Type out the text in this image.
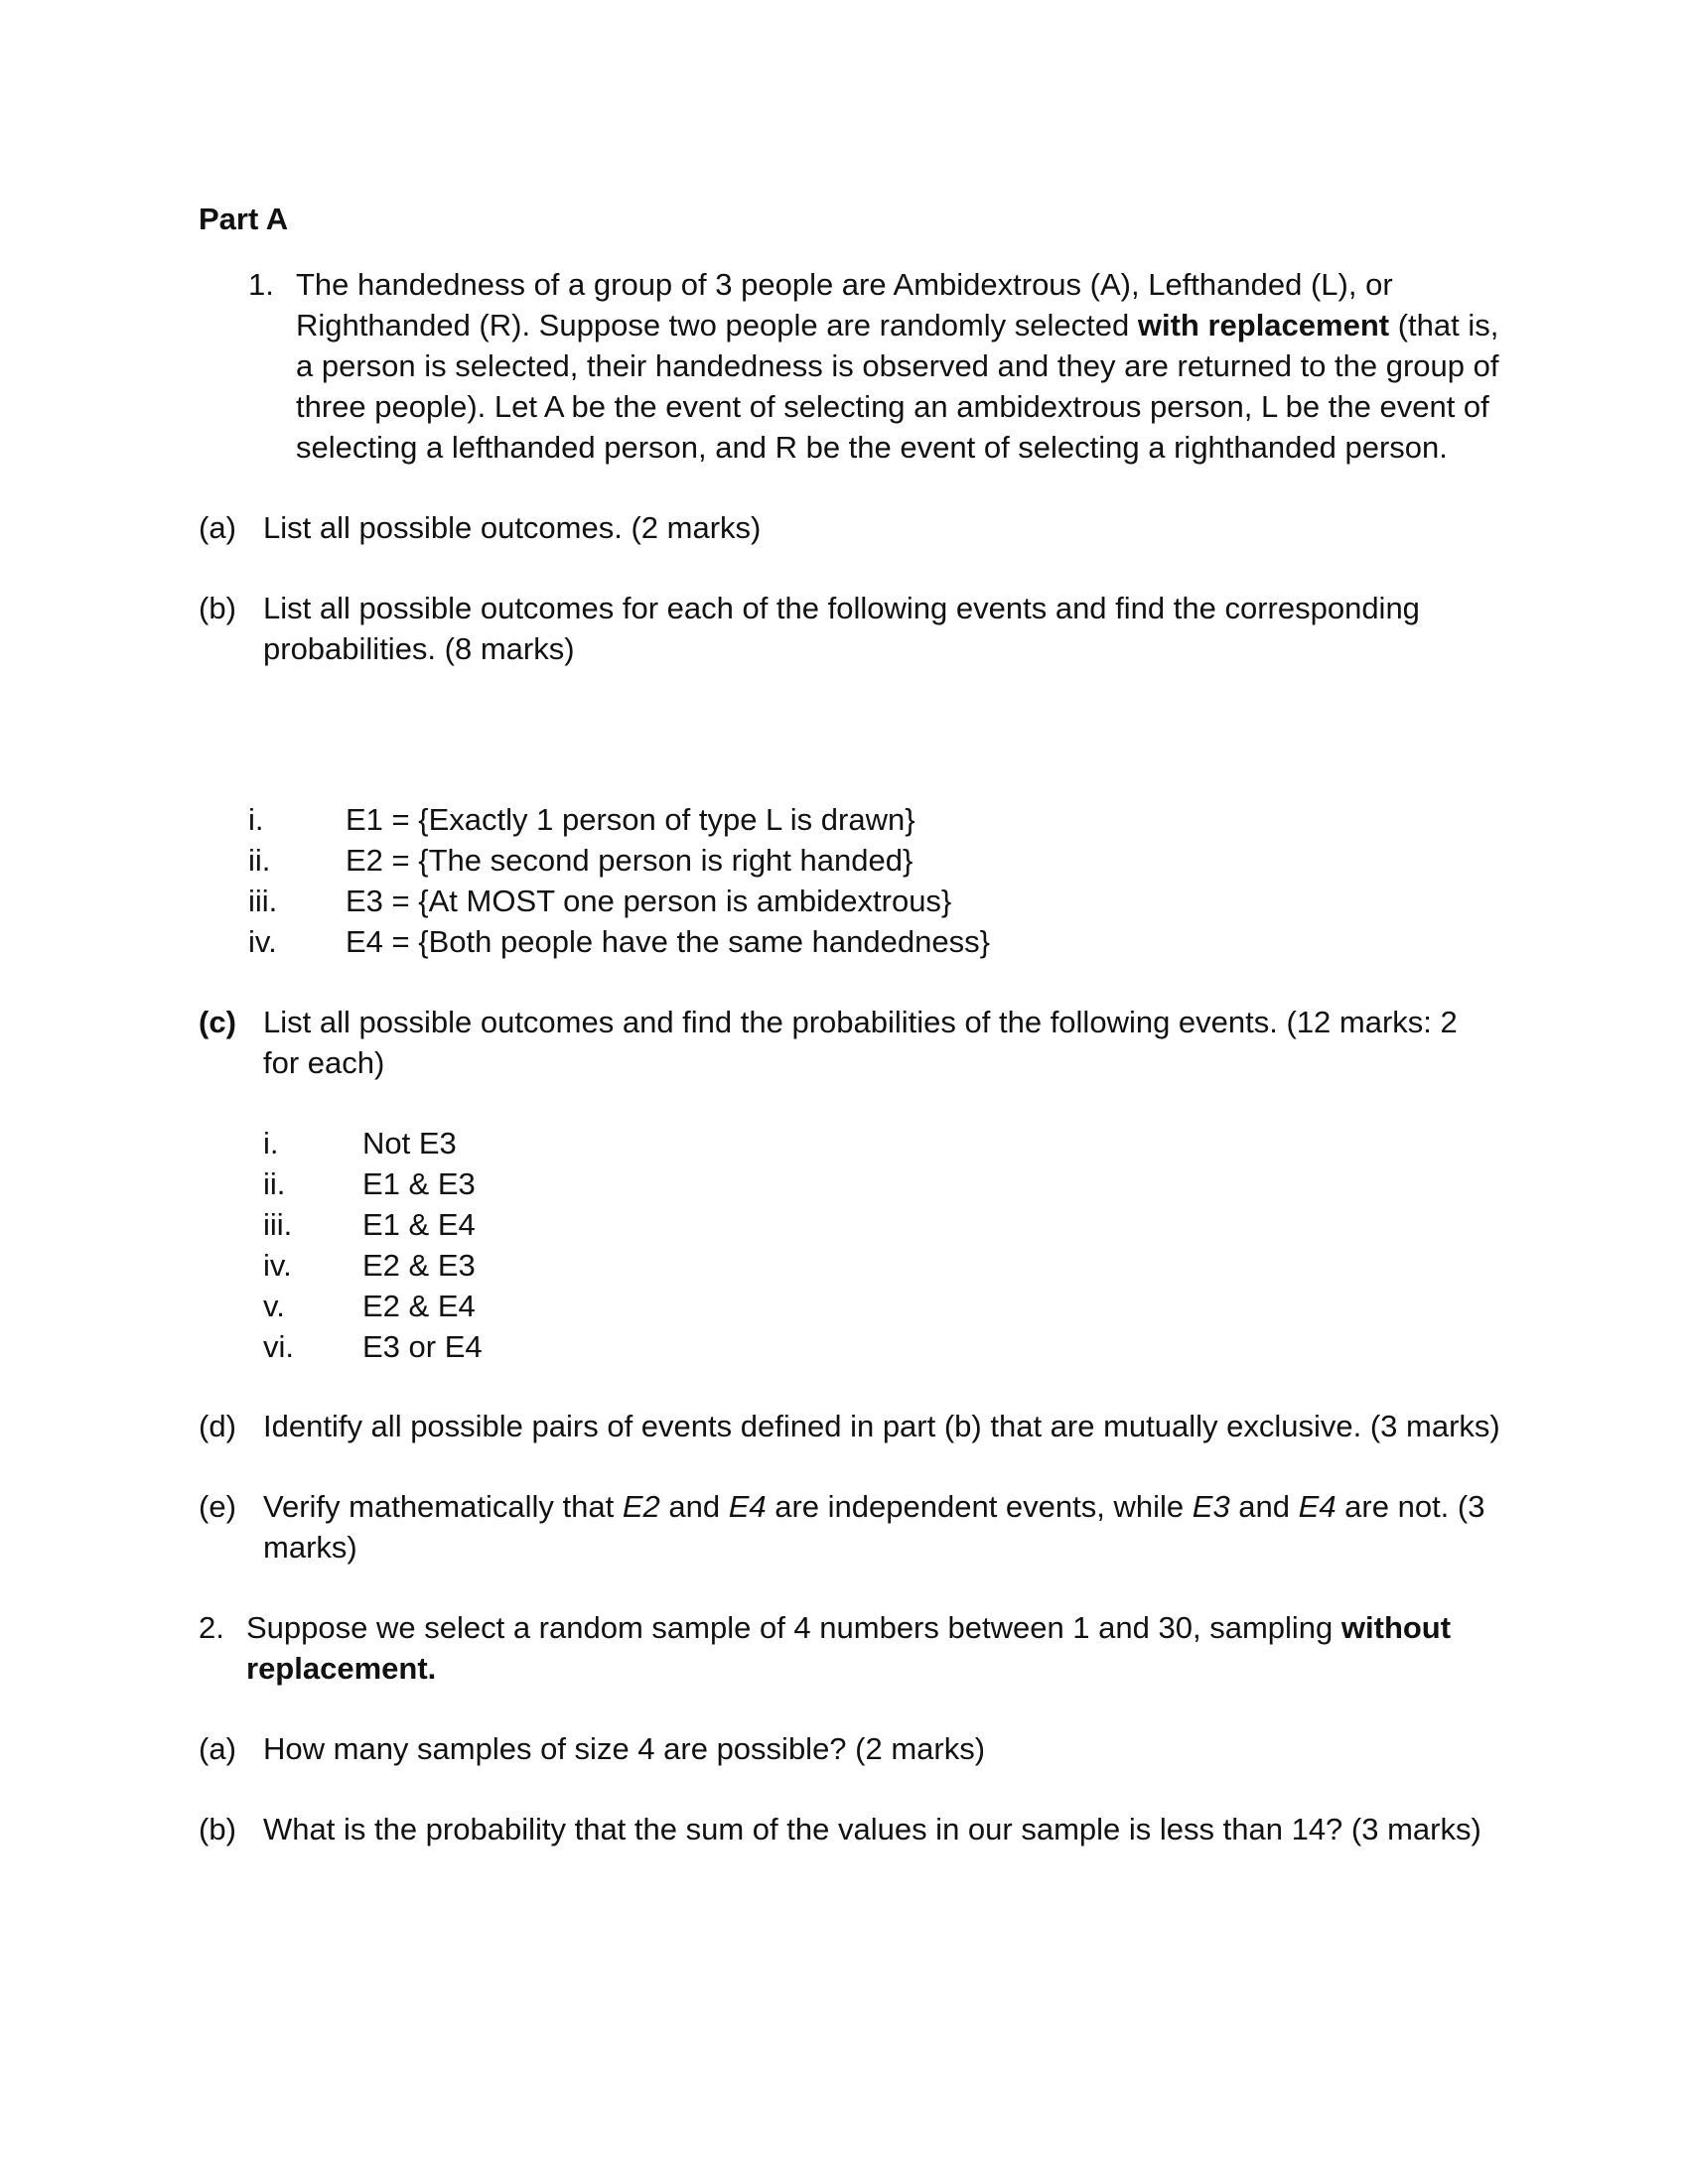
Part A
1. The handedness of a group of 3 people are Ambidextrous (A), Lefthanded (L), or
Righthanded (R). Suppose two people are randomly selected with replacement (that is,
a person is selected, their handedness is observed and they are returned to the group of
three people). Let A be the event of selecting an ambidextrous person, L be the event of
selecting a lefthanded person, and R be the event of selecting a righthanded person.
(a) List all possible outcomes. (2 marks)
(b) List all possible outcomes for each of the following events and find the corresponding
probabilities. (8 marks)
i.	E1 = {Exactly 1 person of type L is drawn}
ii. E2 = {The second person is right handed}
iii. E3 = {At MOST one person is ambidextrous}
iv. E4 = {Both people have the same handedness}
(c) List all possible outcomes and find the probabilities of the following events. (12 marks: 2
for each)
i.	Not E3
ii.	E1 & E3
iii. E1 & E4
iv. E2 & E3
v.	E2 & E4
vi. E3 or E4
(d) Identify all possible pairs of events defined in part (b) that are mutually exclusive. (3 marks)
(e) Verify mathematically that E2 and E4 are independent events, while E3 and E4 are not. (3
marks)
2. Suppose we select a random sample of 4 numbers between 1 and 30, sampling without
replacement.
(a) How many samples of size 4 are possible? (2 marks)
(b) What is the probability that the sum of the values in our sample is less than 14? (3 marks)
